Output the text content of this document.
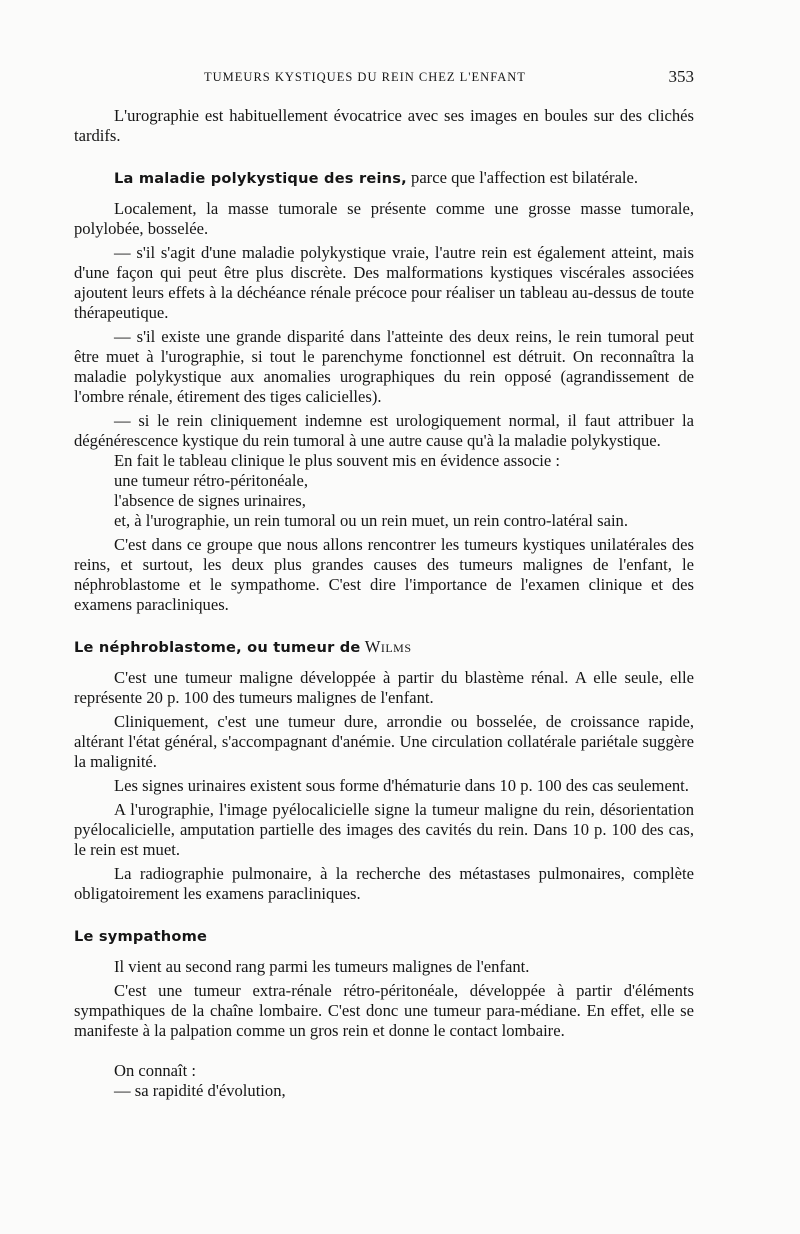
TUMEURS KYSTIQUES DU REIN CHEZ L'ENFANT	353

L'urographie est habituellement évocatrice avec ses images en boules sur des clichés tardifs.

La maladie polykystique des reins, parce que l'affection est bilatérale.

Localement, la masse tumorale se présente comme une grosse masse tumorale, polylobée, bosselée.

— s'il s'agit d'une maladie polykystique vraie, l'autre rein est également atteint, mais d'une façon qui peut être plus discrète. Des malformations kystiques viscérales associées ajoutent leurs effets à la déchéance rénale précoce pour réaliser un tableau au-dessus de toute thérapeutique.

— s'il existe une grande disparité dans l'atteinte des deux reins, le rein tumoral peut être muet à l'urographie, si tout le parenchyme fonctionnel est détruit. On reconnaîtra la maladie polykystique aux anomalies urographiques du rein opposé (agrandissement de l'ombre rénale, étirement des tiges calicielles).

— si le rein cliniquement indemne est urologiquement normal, il faut attribuer la dégénérescence kystique du rein tumoral à une autre cause qu'à la maladie polykystique.

En fait le tableau clinique le plus souvent mis en évidence associe :

une tumeur rétro-péritonéale,

l'absence de signes urinaires,

et, à l'urographie, un rein tumoral ou un rein muet, un rein contro-latéral sain.

C'est dans ce groupe que nous allons rencontrer les tumeurs kystiques unilatérales des reins, et surtout, les deux plus grandes causes des tumeurs malignes de l'enfant, le néphroblastome et le sympathome. C'est dire l'importance de l'examen clinique et des examens paracliniques.

Le néphroblastome, ou tumeur de Wilms

C'est une tumeur maligne développée à partir du blastème rénal. A elle seule, elle représente 20 p. 100 des tumeurs malignes de l'enfant.

Cliniquement, c'est une tumeur dure, arrondie ou bosselée, de croissance rapide, altérant l'état général, s'accompagnant d'anémie. Une circulation collatérale pariétale suggère la malignité.

Les signes urinaires existent sous forme d'hématurie dans 10 p. 100 des cas seulement.

A l'urographie, l'image pyélocalicielle signe la tumeur maligne du rein, désorientation pyélocalicielle, amputation partielle des images des cavités du rein. Dans 10 p. 100 des cas, le rein est muet.

La radiographie pulmonaire, à la recherche des métastases pulmonaires, complète obligatoirement les examens paracliniques.

Le sympathome

Il vient au second rang parmi les tumeurs malignes de l'enfant.

C'est une tumeur extra-rénale rétro-péritonéale, développée à partir d'éléments sympathiques de la chaîne lombaire. C'est donc une tumeur para-médiane. En effet, elle se manifeste à la palpation comme un gros rein et donne le contact lombaire.

On connaît :

— sa rapidité d'évolution,
